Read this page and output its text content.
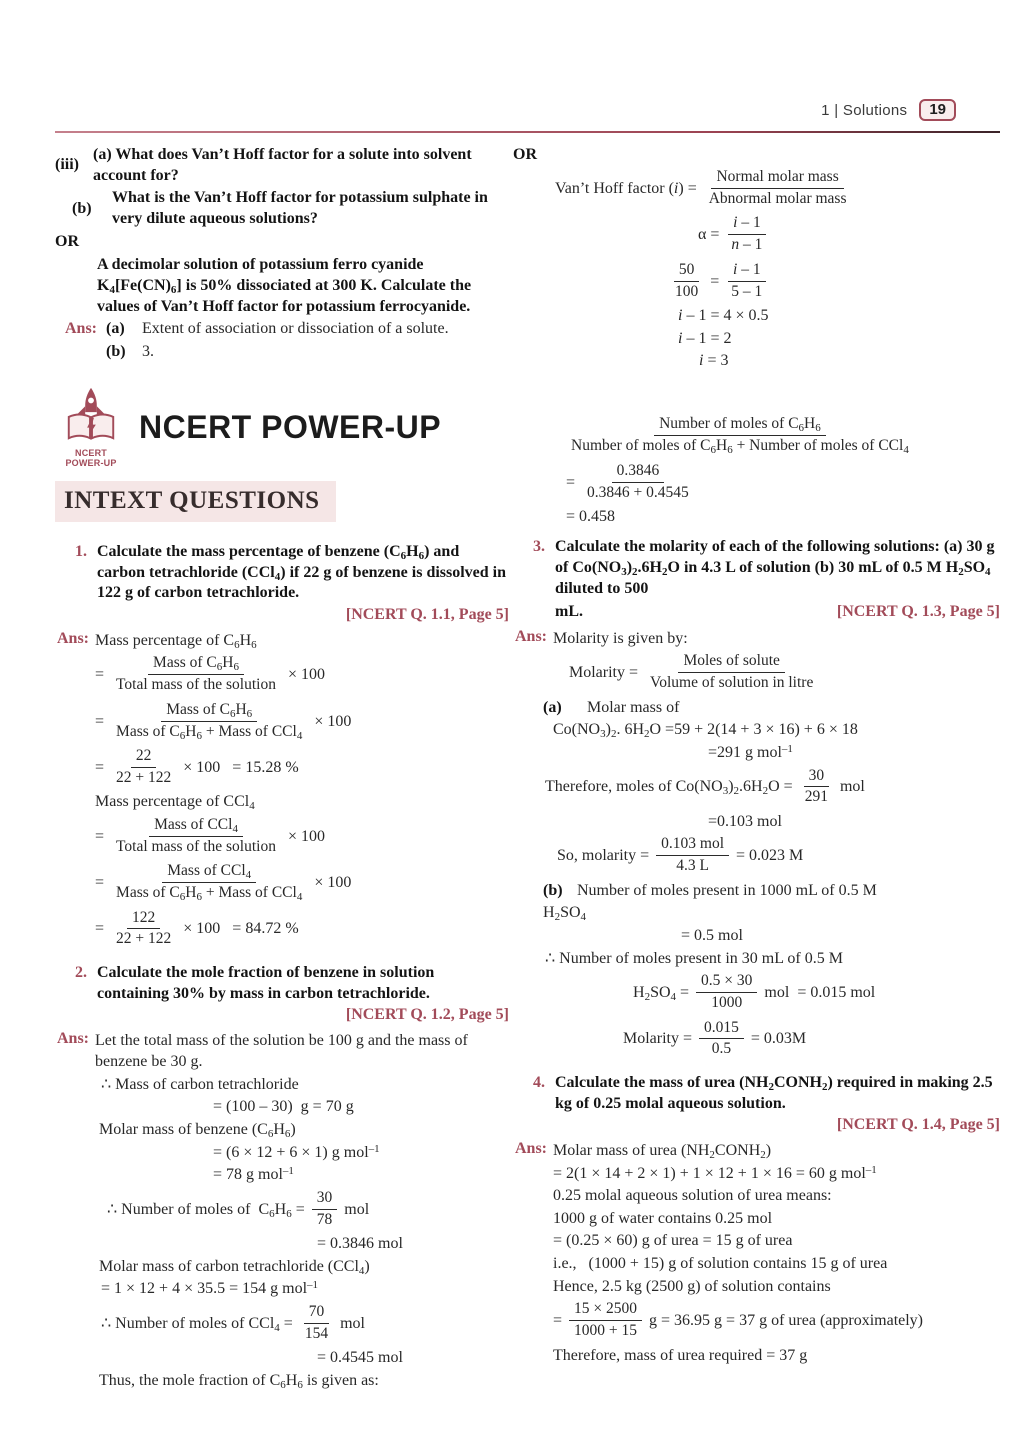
1 | Solutions	19
(iii)
(a) What does Van’t Hoff factor for a solute into solvent account for?
(b)
What is the Van’t Hoff factor for potassium sulphate in very dilute aqueous solutions?
OR
A decimolar solution of potassium ferro cyanide $K_4[Fe(CN)_6]$ is 50% dissociated at 300 K. Calculate the values of Van’t Hoff factor for potassium ferrocyanide.
Ans: (a)	Extent of association or dissociation of a solute.
(b)	3.
NCERT
POWER-UP
NCERT POWER-UP
INTEXT QUESTIONS
1. Calculate the mass percentage of benzene $(C_6H_6)$ and carbon tetrachloride (CCl$_4$) if 22 g of benzene is dissolved in 122 g of carbon tetrachloride.
[NCERT Q. 1.1, Page 5]
Ans: Mass percentage of $C_6H_6$
= $\frac{Mass of C_6H_6}{\text{Total mass of the solution}} \times 100$
= $\frac{Mass of C_6H_6}{Mass of C_6H_6 + Mass of CCl_4} \times 100$
= $\frac{22}{22 + 122} \times 100 = 15.28$ %
Mass percentage of CCl$_4$
= $\frac{Mass of CCl_4}{\text{Total mass of the solution}} \times 100$
= $\frac{Mass of CCl_4}{Mass of C_6H_6 + Mass of CCl_4} \times 100$
= $\frac{122}{22 + 122} \times 100 = 84.72$ %
2. Calculate the mole fraction of benzene in solution containing 30% by mass in carbon tetrachloride.
[NCERT Q. 1.2, Page 5]
Ans: Let the total mass of the solution be 100 g and the mass of benzene be 30 g.
∴ Mass of carbon tetrachloride
= (100 – 30)  g = 70 g
Molar mass of benzene $(C_6H_6)$
= (6 × 12 + 6 × 1) g mol$^{-1}$
= 78 g mol$^{-1}$
∴ Number of moles of  $C_6H_6 = \frac{30}{78}$ mol
= 0.3846 mol
Molar mass of carbon tetrachloride (CCl$_4$)
= 1 × 12 + 4 × 35.5 = 154 g mol$^{-1}$
∴ Number of moles of $CCl_4 = \frac{70}{154}$ mol
= 0.4545 mol
Thus, the mole fraction of $C_6H_6$ is given as:
OR
Van’t Hoff factor $(i) = \frac{\text{Normal molar mass}}{\text{Abnormal molar mass}}$
$\alpha = \frac{i - 1}{n - 1}$
$\frac{50}{100} = \frac{i - 1}{5 - 1}$
i – 1 = 4 × 0.5
i – 1 = 2
i = 3
$\frac{Number of moles of C_6H_6}{Number of moles of C_6H_6 + Number of moles of CCl_4}$
= $\frac{0.3846}{0.3846 + 0.4545}$
= 0.458
3. Calculate the molarity of each of the following solutions: (a) 30 g of $Co(NO_3)_2.6H_2O$ in 4.3 L of solution (b) 30 mL of 0.5 M $H_2SO_4$ diluted to 500
mL.	[NCERT Q. 1.3, Page 5]
Ans: Molarity is given by:
Molarity = $\frac{\text{Moles of solute}}{\text{Volume of solution in litre}}$
(a)	Molar mass of
$Co(NO_3)_2$. $6H_2O =59 + 2(14 + 3 \times 16) + 6 \times 18$
=291 g mol$^{-1}$
Therefore, moles of $Co(NO_3)_2.6H_2O = \frac{30}{291}$ mol
=0.103 mol
So, molarity = $\frac{\text{0.103 mol}}{4.3 L} = 0.023$ M
(b) Number of moles present in 1000 mL of 0.5 M
$H_2SO_4$
= 0.5 mol
∴ Number of moles present in 30 mL of 0.5 M
$H_2SO_4 = \frac{0.5 \times 30}{1000}$ mol  = 0.015 mol
Molarity = $\frac{0.015}{0.5} = 0.03M$
4. Calculate the mass of urea $(NH_2CONH_2)$ required in making 2.5 kg of 0.25 molal aqueous solution.
[NCERT Q. 1.4, Page 5]
Ans: Molar mass of urea $(NH_2CONH_2)$
= 2(1 × 14 + 2 × 1) + 1 × 12 + 1 × 16 = 60 g mol$^{-1}$
0.25 molal aqueous solution of urea means:
1000 g of water contains 0.25 mol
= (0.25 × 60) g of urea = 15 g of urea
i.e.,   (1000 + 15) g of solution contains 15 g of urea
Hence, 2.5 kg (2500 g) of solution contains
= $\frac{15 \times 2500}{1000 + 15}$ g = 36.95 g = 37 g of urea (approximately)
Therefore, mass of urea required = 37 g
